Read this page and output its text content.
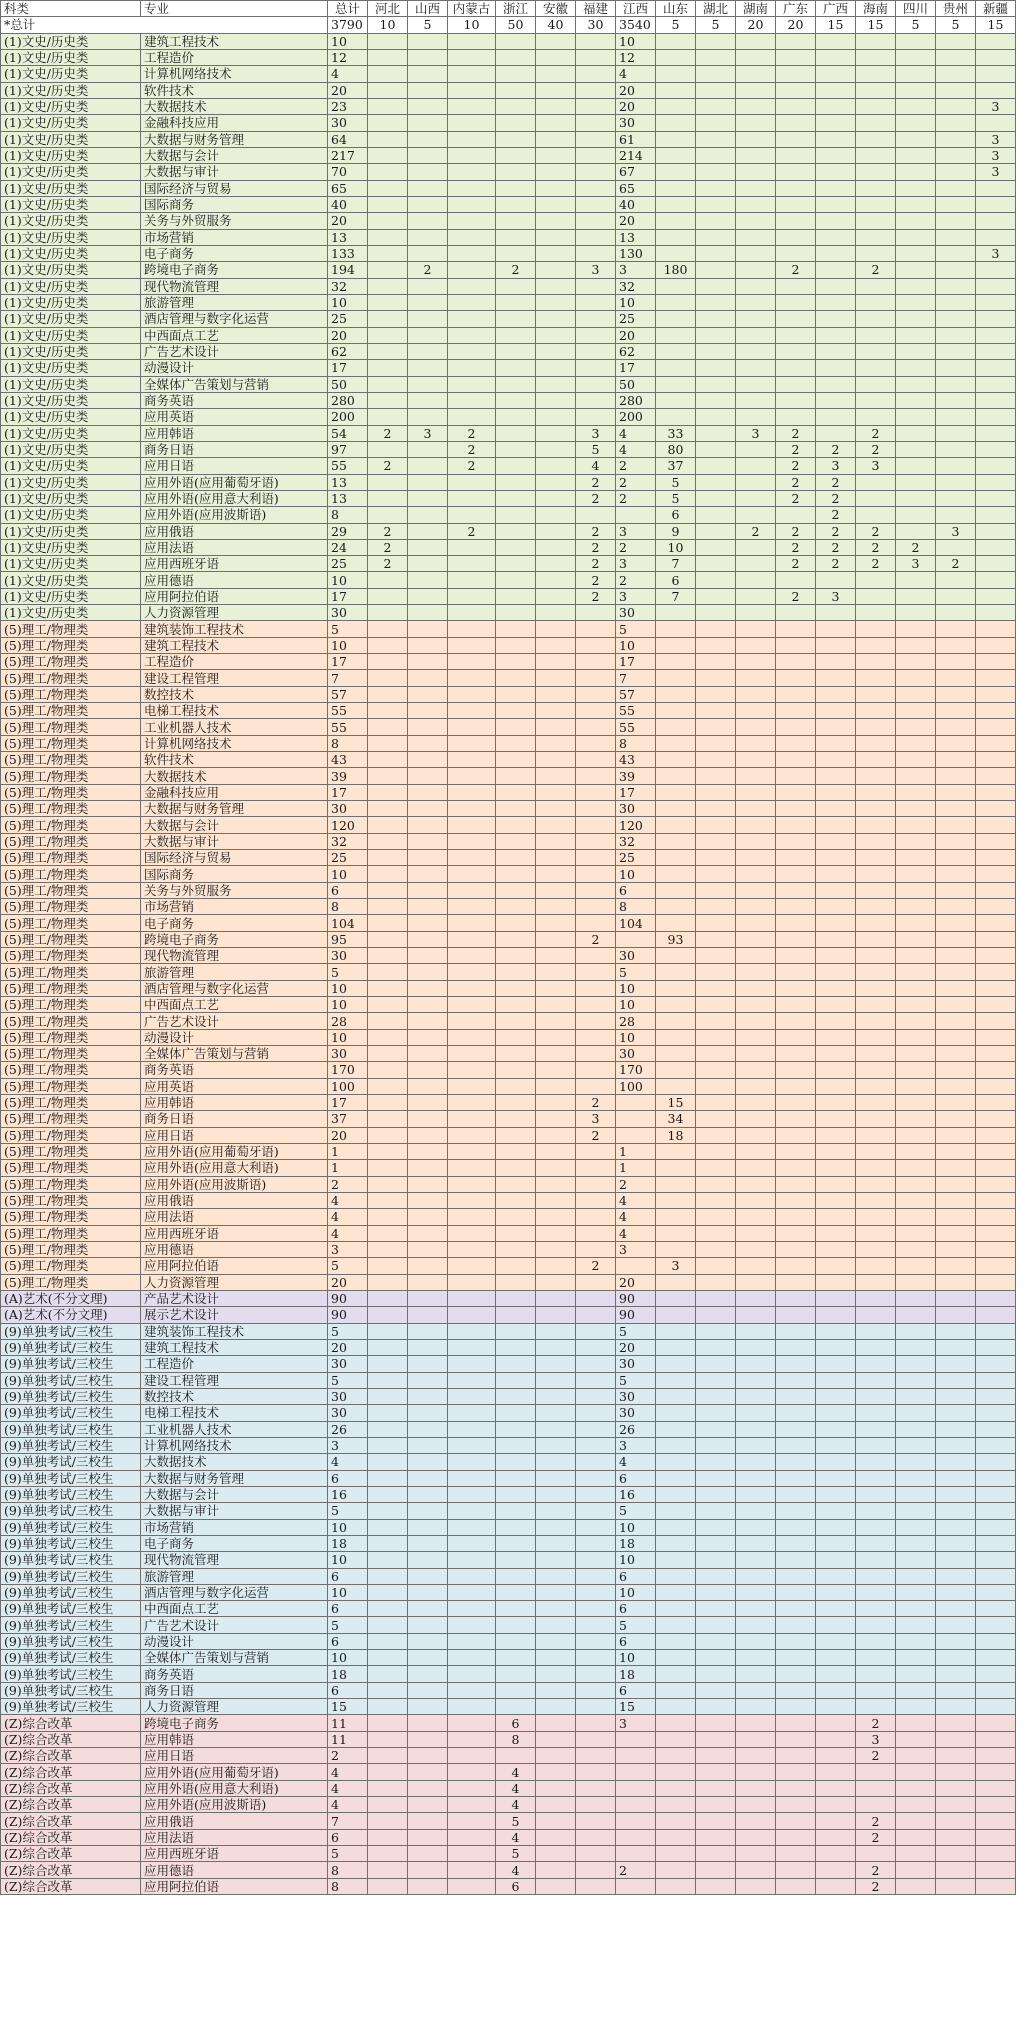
科类	专业	总计	河北	山西	内蒙古	浙江	安徽	福建	江西	山东	湖北	湖南	广东	广西	海南	四川	贵州	新疆
*总计		3790	10	5	10	50	40	30	3540	5	5	20	20	15	15	5	5	15
(1)文史/历史类	建筑工程技术	10							10									
(1)文史/历史类	工程造价	12							12									
(1)文史/历史类	计算机网络技术	4							4									
(1)文史/历史类	软件技术	20							20									
(1)文史/历史类	大数据技术	23							20									3
(1)文史/历史类	金融科技应用	30							30									
(1)文史/历史类	大数据与财务管理	64							61									3
(1)文史/历史类	大数据与会计	217							214									3
(1)文史/历史类	大数据与审计	70							67									3
(1)文史/历史类	国际经济与贸易	65							65									
(1)文史/历史类	国际商务	40							40									
(1)文史/历史类	关务与外贸服务	20							20									
(1)文史/历史类	市场营销	13							13									
(1)文史/历史类	电子商务	133							130									3
(1)文史/历史类	跨境电子商务	194		2		2		3	3	180			2		2			
(1)文史/历史类	现代物流管理	32							32									
(1)文史/历史类	旅游管理	10							10									
(1)文史/历史类	酒店管理与数字化运营	25							25									
(1)文史/历史类	中西面点工艺	20							20									
(1)文史/历史类	广告艺术设计	62							62									
(1)文史/历史类	动漫设计	17							17									
(1)文史/历史类	全媒体广告策划与营销	50							50									
(1)文史/历史类	商务英语	280							280									
(1)文史/历史类	应用英语	200							200									
(1)文史/历史类	应用韩语	54	2	3	2			3	4	33		3	2		2			
(1)文史/历史类	商务日语	97			2			5	4	80			2	2	2			
(1)文史/历史类	应用日语	55	2		2			4	2	37			2	3	3			
(1)文史/历史类	应用外语(应用葡萄牙语)	13						2	2	5			2	2				
(1)文史/历史类	应用外语(应用意大利语)	13						2	2	5			2	2				
(1)文史/历史类	应用外语(应用波斯语)	8								6				2				
(1)文史/历史类	应用俄语	29	2		2			2	3	9		2	2	2	2		3	
(1)文史/历史类	应用法语	24	2					2	2	10			2	2	2	2		
(1)文史/历史类	应用西班牙语	25	2					2	3	7			2	2	2	3	2	
(1)文史/历史类	应用德语	10						2	2	6								
(1)文史/历史类	应用阿拉伯语	17						2	3	7			2	3				
(1)文史/历史类	人力资源管理	30							30									
(5)理工/物理类	建筑装饰工程技术	5							5									
(5)理工/物理类	建筑工程技术	10							10									
(5)理工/物理类	工程造价	17							17									
(5)理工/物理类	建设工程管理	7							7									
(5)理工/物理类	数控技术	57							57									
(5)理工/物理类	电梯工程技术	55							55									
(5)理工/物理类	工业机器人技术	55							55									
(5)理工/物理类	计算机网络技术	8							8									
(5)理工/物理类	软件技术	43							43									
(5)理工/物理类	大数据技术	39							39									
(5)理工/物理类	金融科技应用	17							17									
(5)理工/物理类	大数据与财务管理	30							30									
(5)理工/物理类	大数据与会计	120							120									
(5)理工/物理类	大数据与审计	32							32									
(5)理工/物理类	国际经济与贸易	25							25									
(5)理工/物理类	国际商务	10							10									
(5)理工/物理类	关务与外贸服务	6							6									
(5)理工/物理类	市场营销	8							8									
(5)理工/物理类	电子商务	104							104									
(5)理工/物理类	跨境电子商务	95						2		93								
(5)理工/物理类	现代物流管理	30							30									
(5)理工/物理类	旅游管理	5							5									
(5)理工/物理类	酒店管理与数字化运营	10							10									
(5)理工/物理类	中西面点工艺	10							10									
(5)理工/物理类	广告艺术设计	28							28									
(5)理工/物理类	动漫设计	10							10									
(5)理工/物理类	全媒体广告策划与营销	30							30									
(5)理工/物理类	商务英语	170							170									
(5)理工/物理类	应用英语	100							100									
(5)理工/物理类	应用韩语	17						2		15								
(5)理工/物理类	商务日语	37						3		34								
(5)理工/物理类	应用日语	20						2		18								
(5)理工/物理类	应用外语(应用葡萄牙语)	1							1									
(5)理工/物理类	应用外语(应用意大利语)	1							1									
(5)理工/物理类	应用外语(应用波斯语)	2							2									
(5)理工/物理类	应用俄语	4							4									
(5)理工/物理类	应用法语	4							4									
(5)理工/物理类	应用西班牙语	4							4									
(5)理工/物理类	应用德语	3							3									
(5)理工/物理类	应用阿拉伯语	5						2		3								
(5)理工/物理类	人力资源管理	20							20									
(A)艺术(不分文理)	产品艺术设计	90							90									
(A)艺术(不分文理)	展示艺术设计	90							90									
(9)单独考试/三校生	建筑装饰工程技术	5							5									
(9)单独考试/三校生	建筑工程技术	20							20									
(9)单独考试/三校生	工程造价	30							30									
(9)单独考试/三校生	建设工程管理	5							5									
(9)单独考试/三校生	数控技术	30							30									
(9)单独考试/三校生	电梯工程技术	30							30									
(9)单独考试/三校生	工业机器人技术	26							26									
(9)单独考试/三校生	计算机网络技术	3							3									
(9)单独考试/三校生	大数据技术	4							4									
(9)单独考试/三校生	大数据与财务管理	6							6									
(9)单独考试/三校生	大数据与会计	16							16									
(9)单独考试/三校生	大数据与审计	5							5									
(9)单独考试/三校生	市场营销	10							10									
(9)单独考试/三校生	电子商务	18							18									
(9)单独考试/三校生	现代物流管理	10							10									
(9)单独考试/三校生	旅游管理	6							6									
(9)单独考试/三校生	酒店管理与数字化运营	10							10									
(9)单独考试/三校生	中西面点工艺	6							6									
(9)单独考试/三校生	广告艺术设计	5							5									
(9)单独考试/三校生	动漫设计	6							6									
(9)单独考试/三校生	全媒体广告策划与营销	10							10									
(9)单独考试/三校生	商务英语	18							18									
(9)单独考试/三校生	商务日语	6							6									
(9)单独考试/三校生	人力资源管理	15							15									
(Z)综合改革	跨境电子商务	11				6			3						2			
(Z)综合改革	应用韩语	11				8									3			
(Z)综合改革	应用日语	2													2			
(Z)综合改革	应用外语(应用葡萄牙语)	4				4												
(Z)综合改革	应用外语(应用意大利语)	4				4												
(Z)综合改革	应用外语(应用波斯语)	4				4												
(Z)综合改革	应用俄语	7				5									2			
(Z)综合改革	应用法语	6				4									2			
(Z)综合改革	应用西班牙语	5				5												
(Z)综合改革	应用德语	8				4			2						2			
(Z)综合改革	应用阿拉伯语	8				6									2			
